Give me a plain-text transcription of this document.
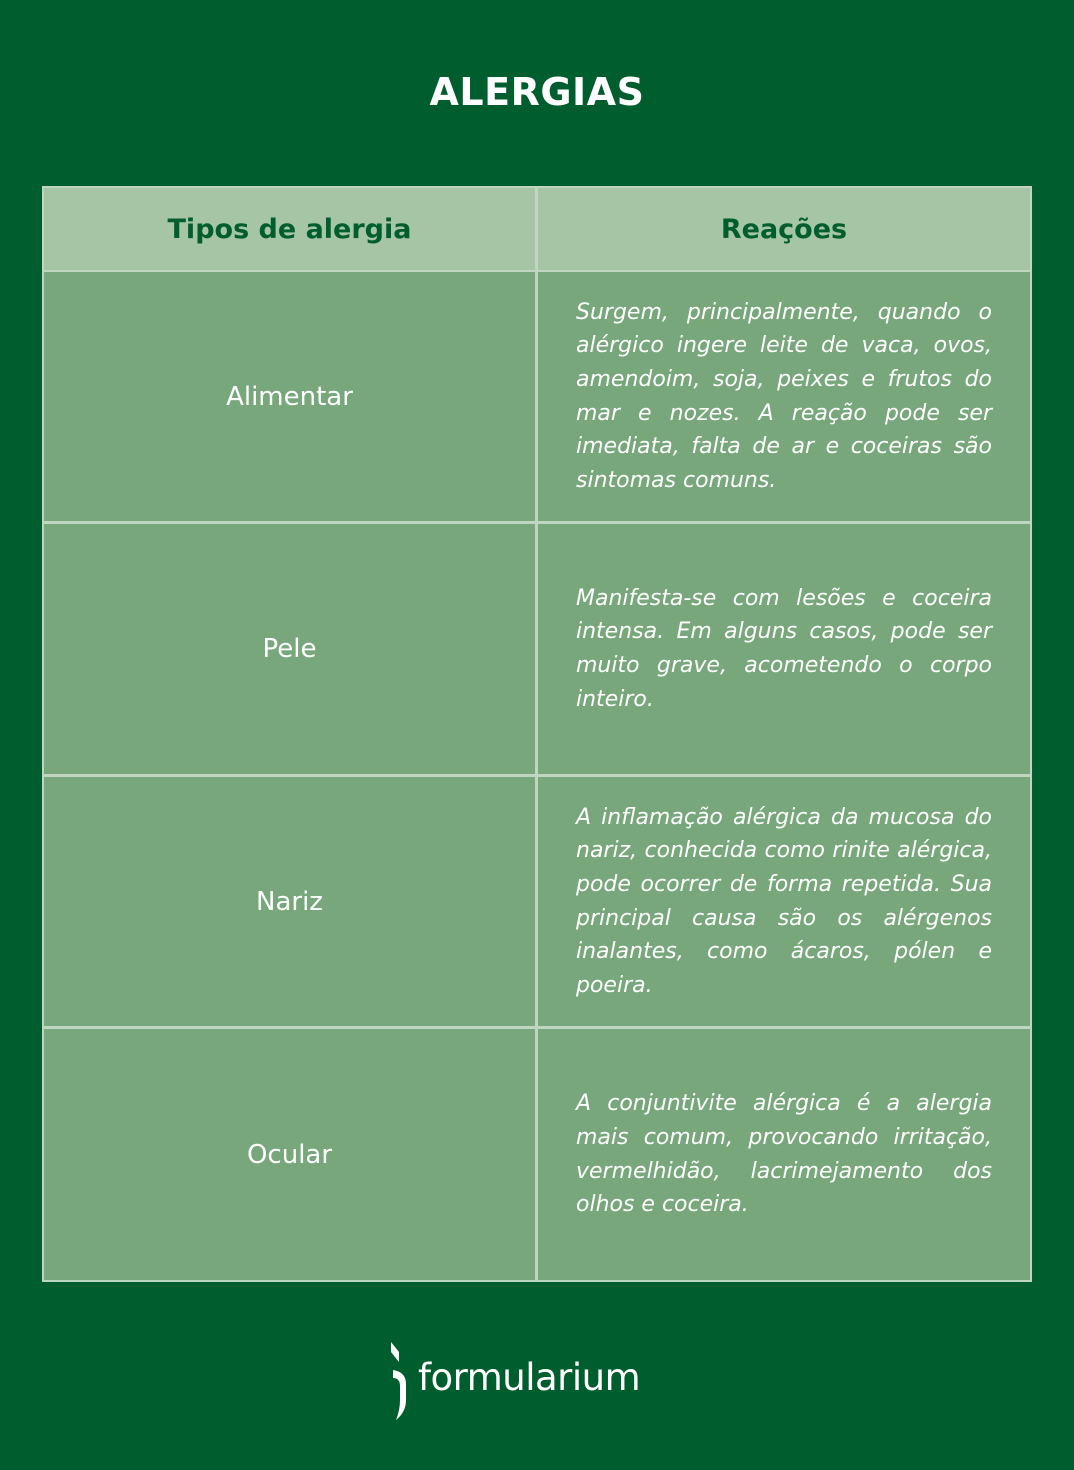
ALERGIAS
Tipos de alergia	Reações
Alimentar
Surgem, principalmente, quando o alérgico ingere leite de vaca, ovos, amendoim, soja, peixes e frutos do mar e nozes. A reação pode ser imediata, falta de ar e coceiras são sintomas comuns.
Pele
Manifesta-se com lesões e coceira intensa. Em alguns casos, pode ser muito grave, acometendo o corpo inteiro.
Nariz
A inflamação alérgica da mucosa do nariz, conhecida como rinite alérgica, pode ocorrer de forma repetida. Sua principal causa são os alérgenos inalantes, como ácaros, pólen e poeira.
Ocular
A conjuntivite alérgica é a alergia mais comum, provocando irritação, vermelhidão, lacrimejamento dos olhos e coceira.
formularium
